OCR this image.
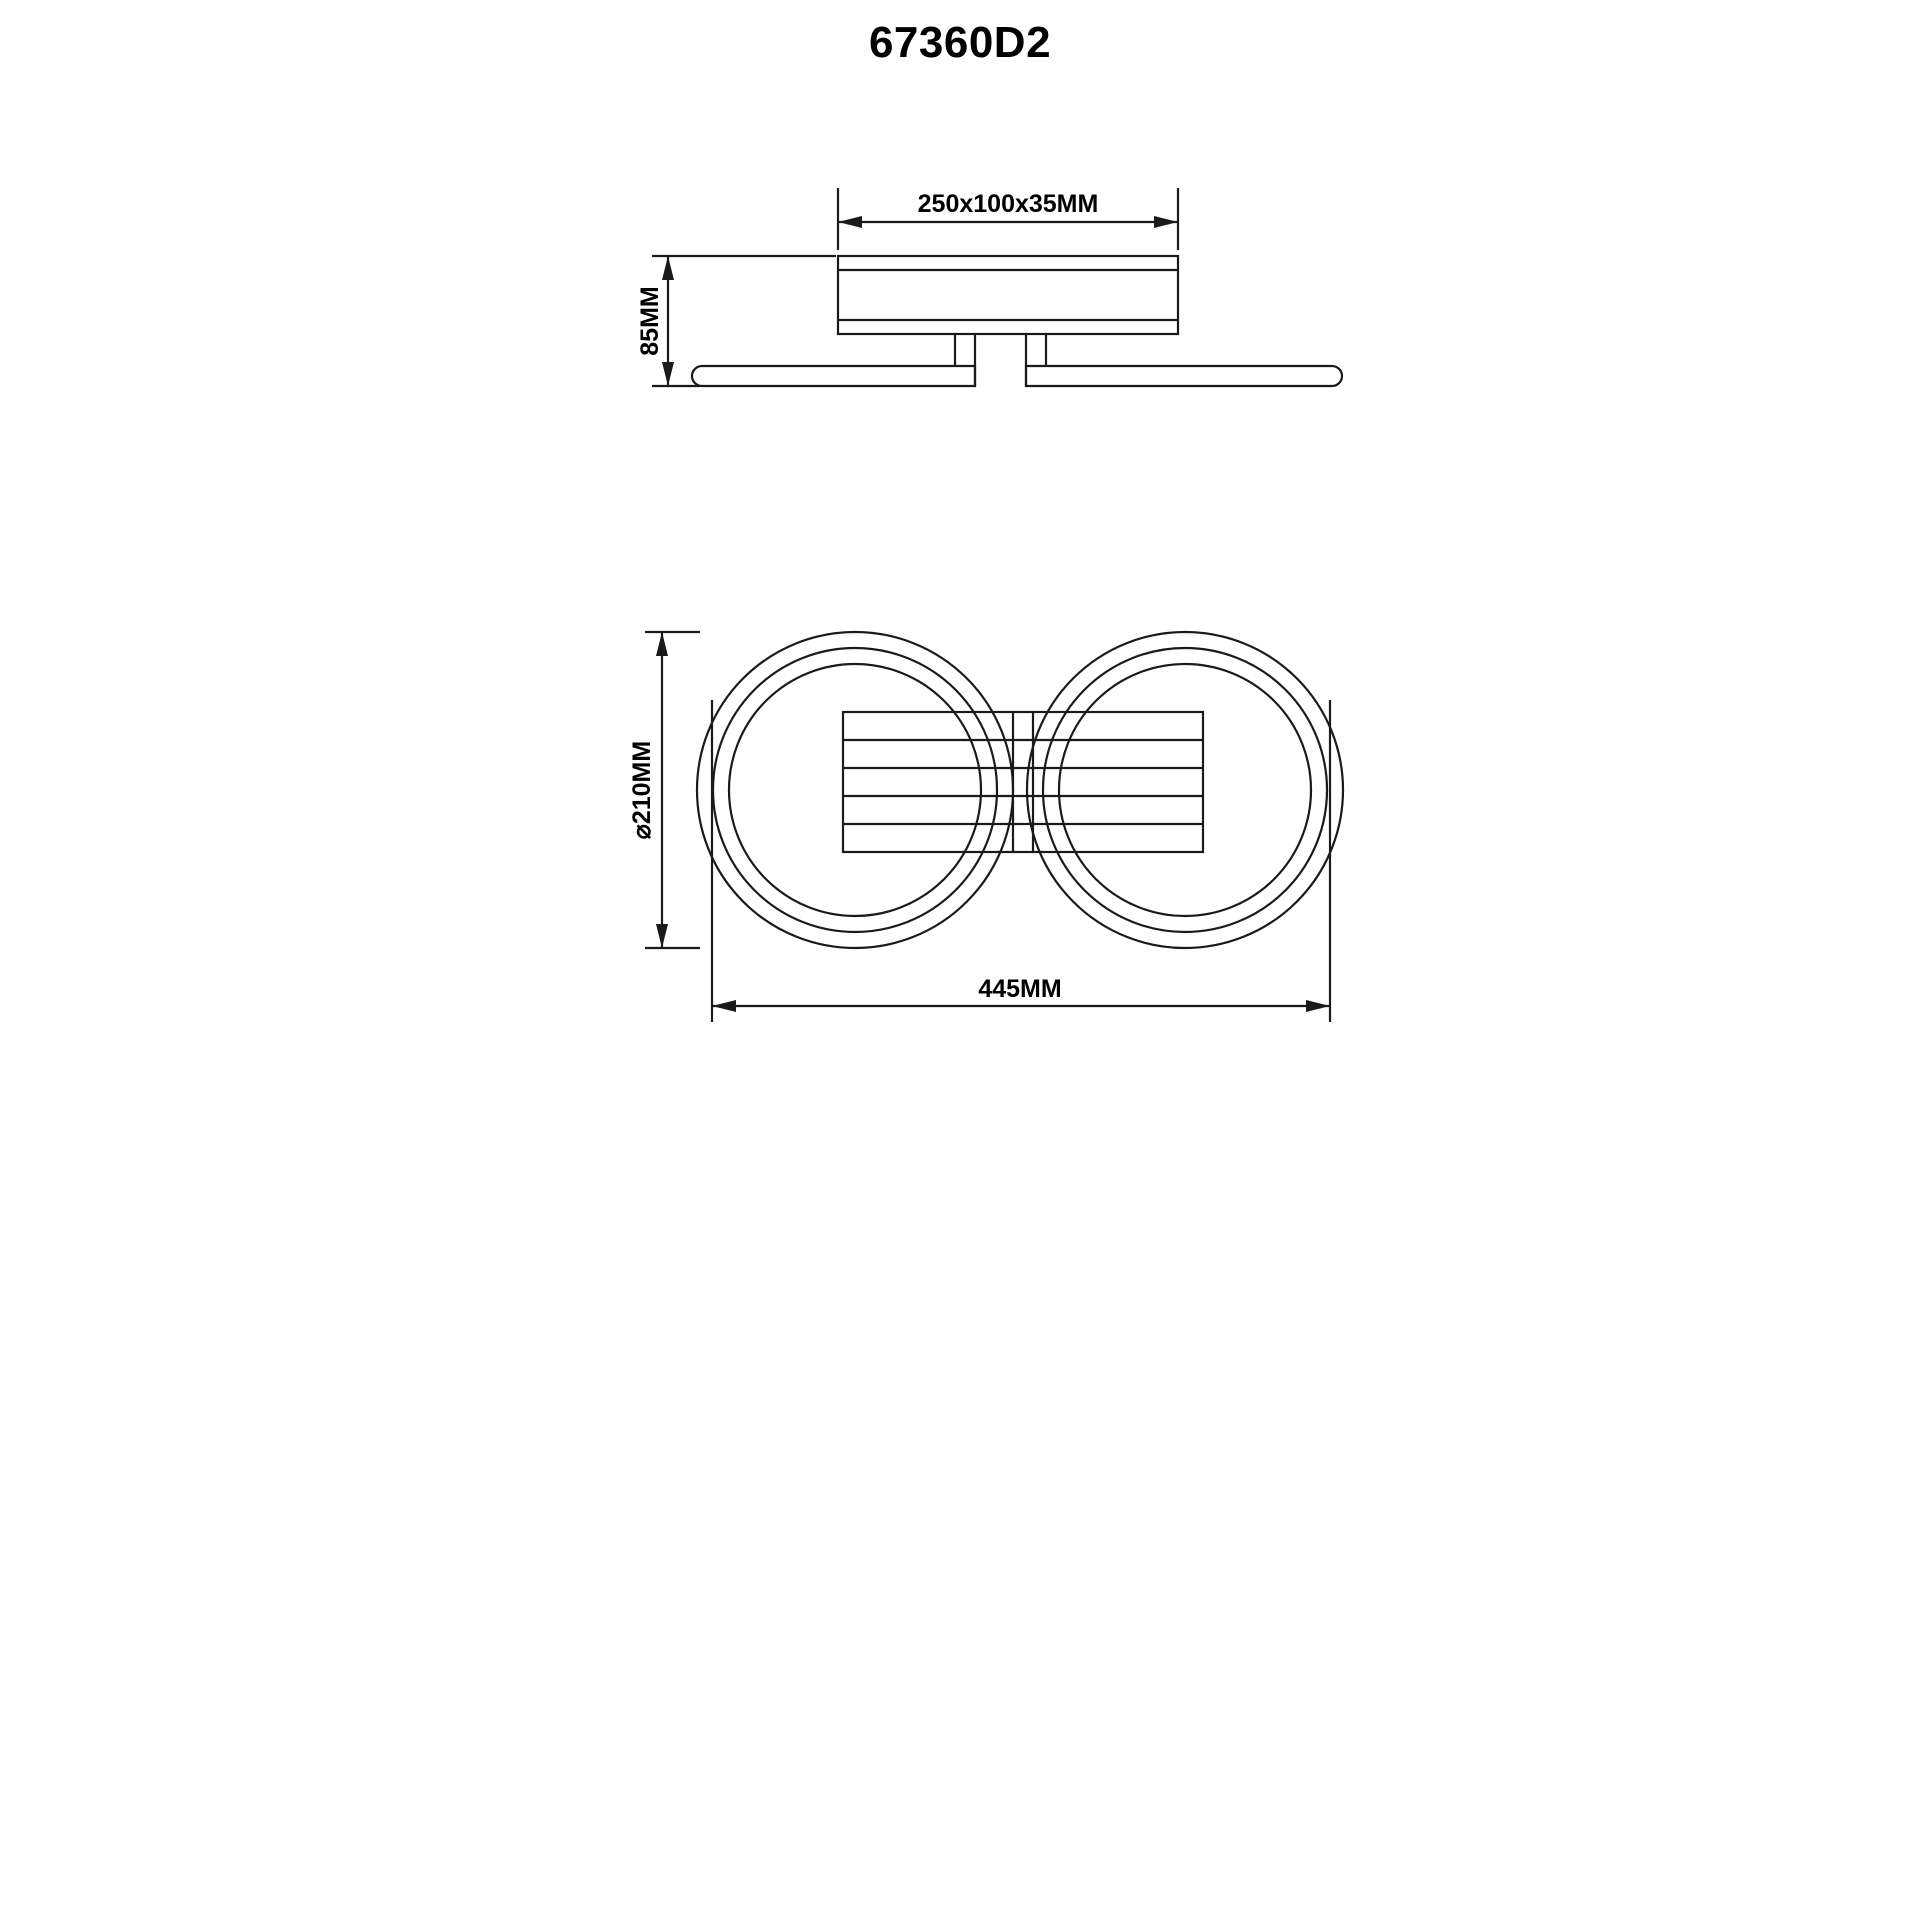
67360D2
250x100x35MM
85MM
⌀210MM
445MM
